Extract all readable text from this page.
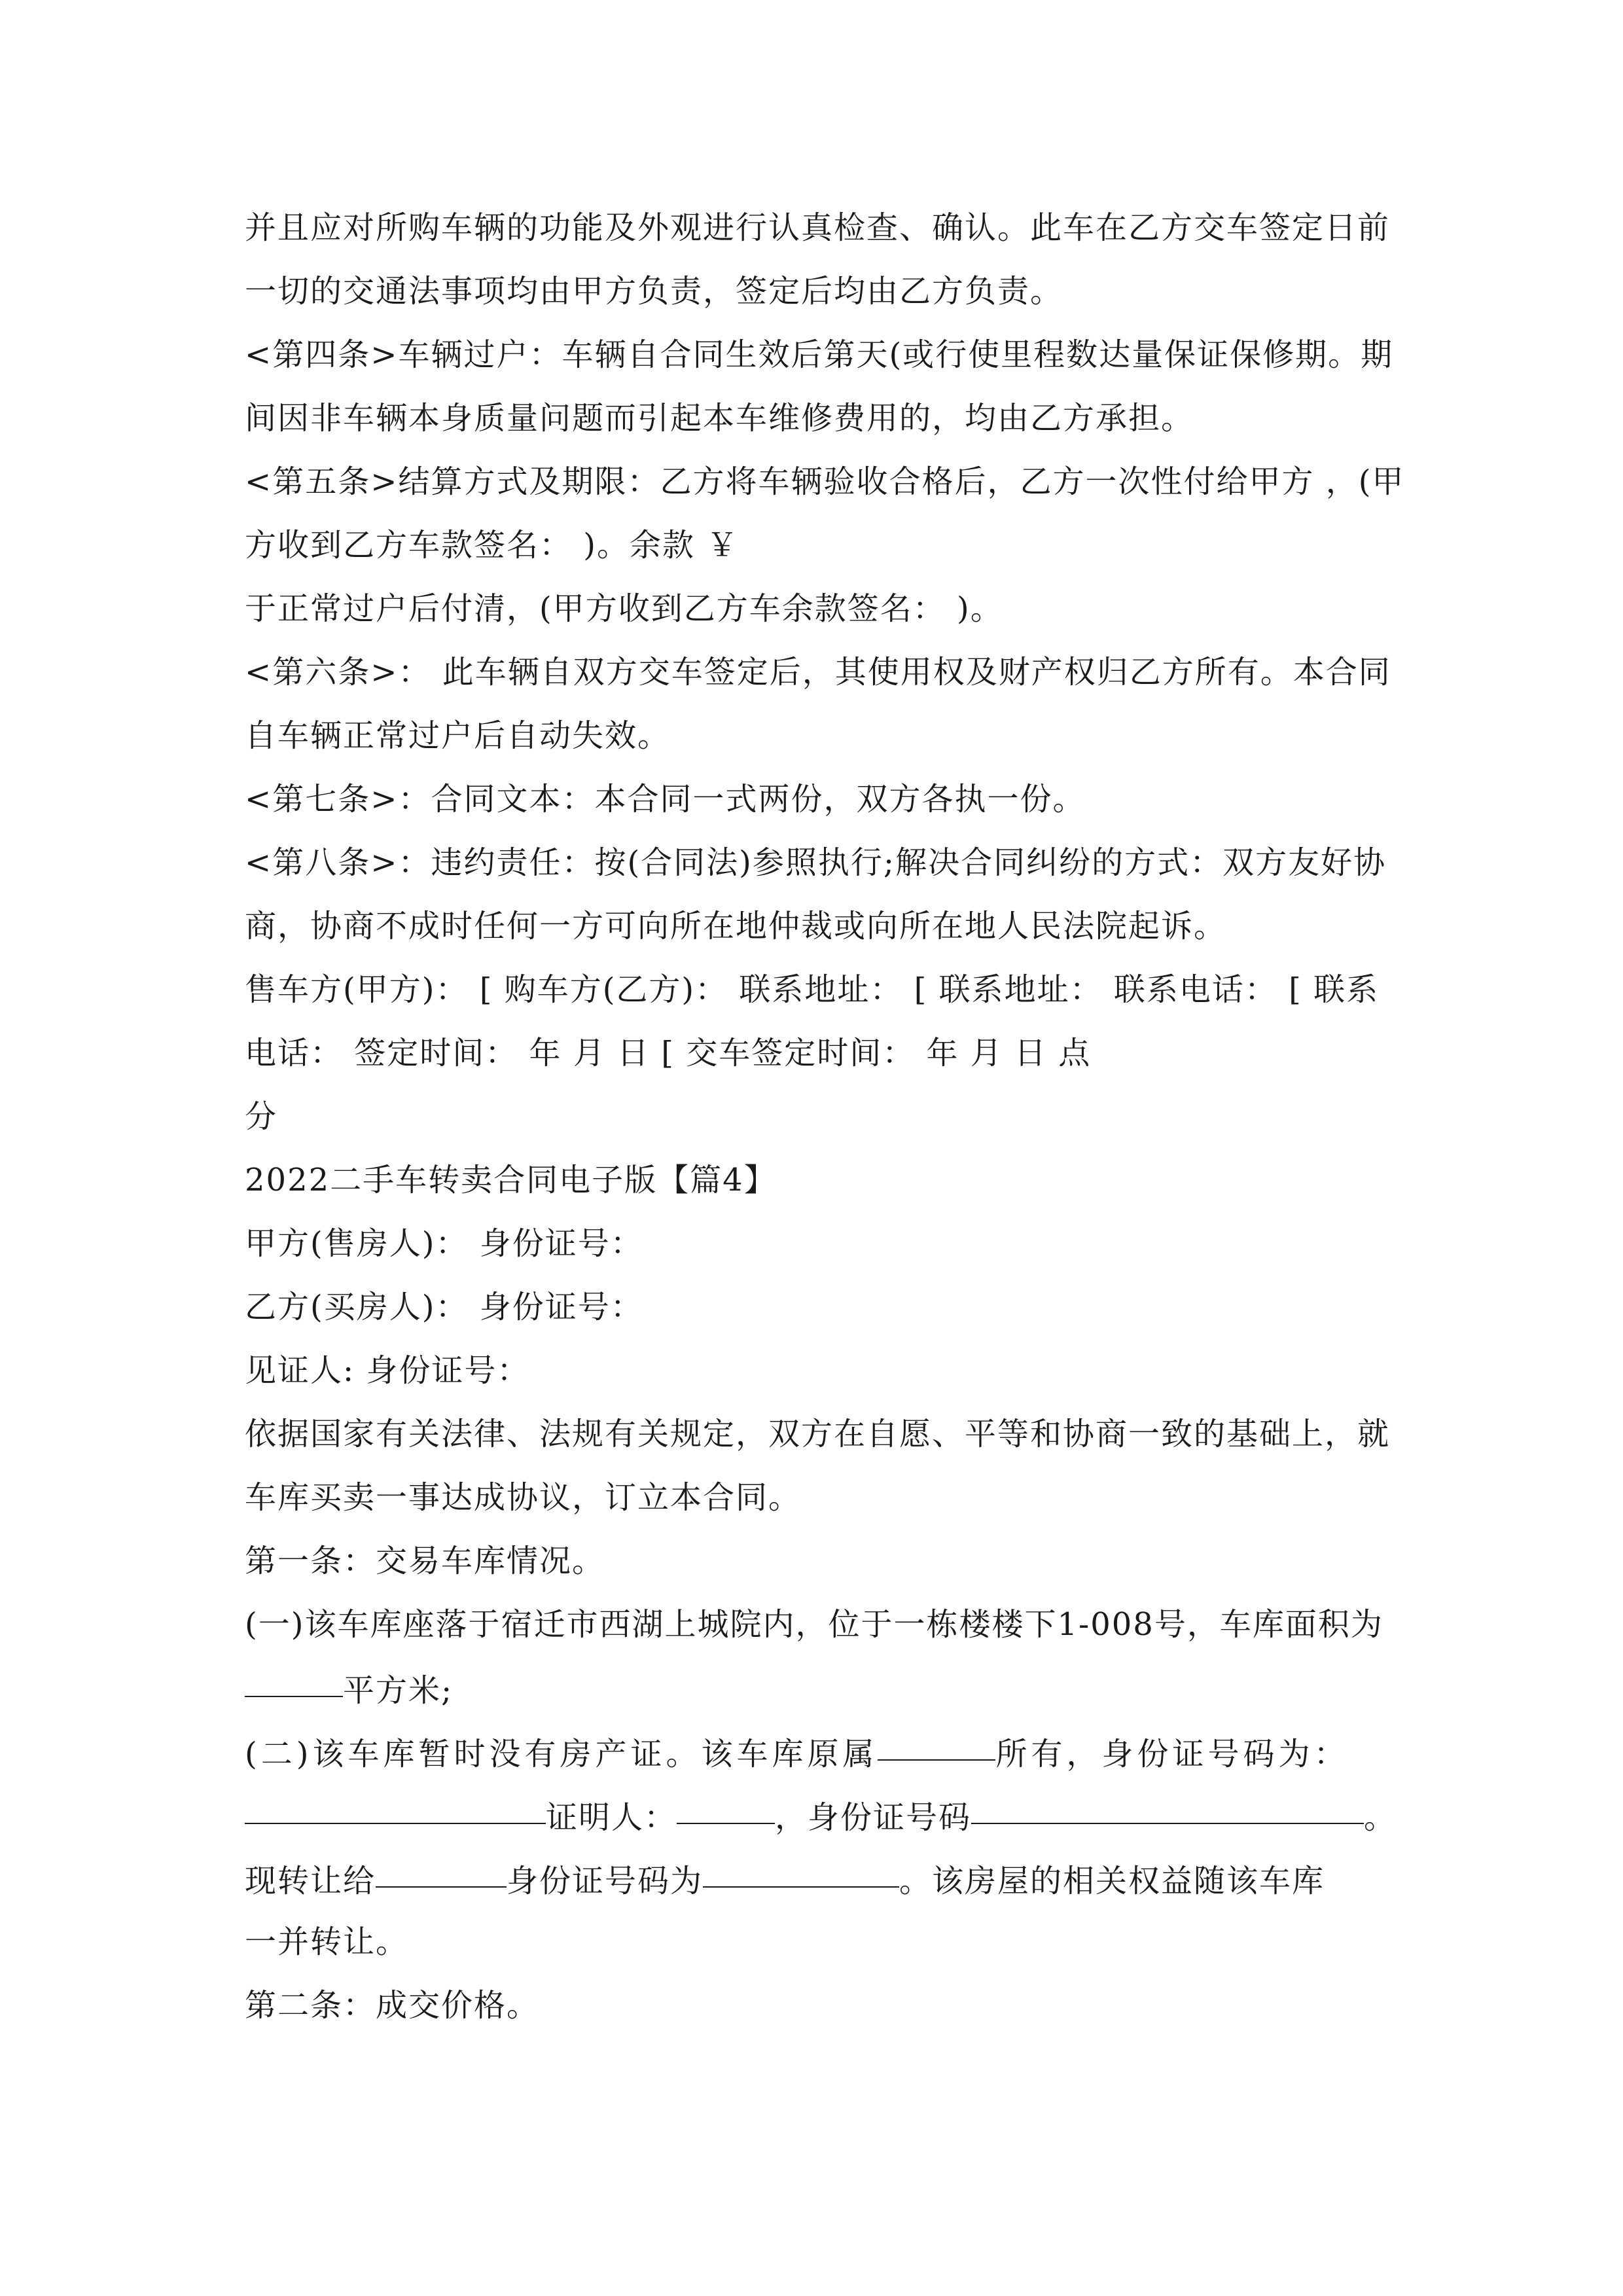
并且应对所购车辆的功能及外观进行认真检查、确认。此车在乙方交车签定日前
一切的交通法事项均由甲方负责，签定后均由乙方负责。
<第四条>车辆过户：车辆自合同生效后第天(或行使里程数达量保证保修期。期
间因非车辆本身质量问题而引起本车维修费用的，均由乙方承担。
<第五条>结算方式及期限：乙方将车辆验收合格后，乙方一次性付给甲方 ，(甲
方收到乙方车款签名： )。余款 ￥
于正常过户后付清，(甲方收到乙方车余款签名： )。
<第六条>： 此车辆自双方交车签定后，其使用权及财产权归乙方所有。本合同
自车辆正常过户后自动失效。
<第七条>：合同文本：本合同一式两份，双方各执一份。
<第八条>：违约责任：按(合同法)参照执行;解决合同纠纷的方式：双方友好协
商，协商不成时任何一方可向所在地仲裁或向所在地人民法院起诉。
售车方(甲方)： [ 购车方(乙方)： 联系地址： [ 联系地址： 联系电话： [ 联系
电话： 签定时间： 年 月 日 [ 交车签定时间： 年 月 日 点
分
2022二手车转卖合同电子版【篇4】
甲方(售房人)： 身份证号：
乙方(买房人)： 身份证号：
见证人: 身份证号：
依据国家有关法律、法规有关规定，双方在自愿、平等和协商一致的基础上，就
车库买卖一事达成协议，订立本合同。
第一条：交易车库情况。
(一)该车库座落于宿迁市西湖上城院内，位于一栋楼楼下1-008号，车库面积为
平方米;
(二)该车库暂时没有房产证。该车库原属	所有，身份证号码为：
证明人：	，身份证号码	。
现转让给	身份证号码为	。该房屋的相关权益随该车库
一并转让。
第二条：成交价格。
